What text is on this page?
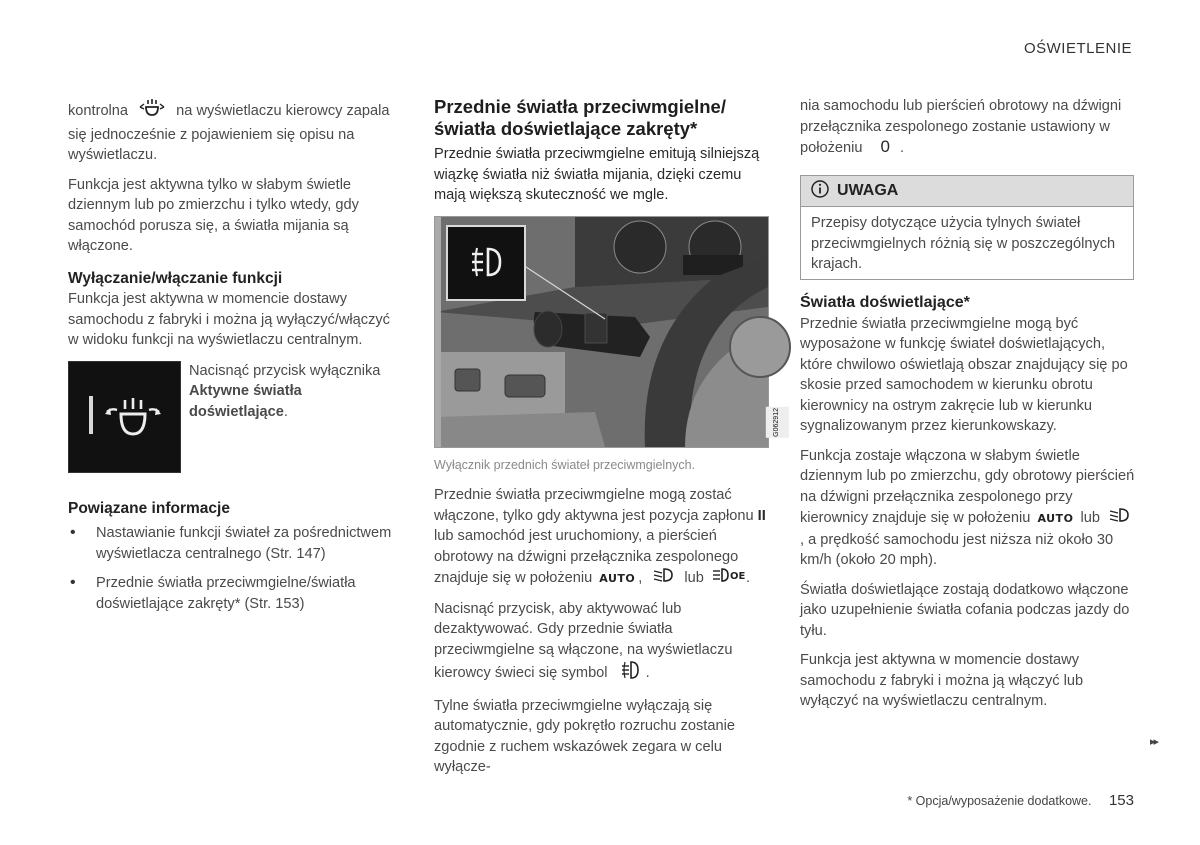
OŚWIETLENIE

kontrolna	na wyświetlaczu kierowcy zapala się jednocześnie z pojawieniem się opisu na wyświetlaczu.

Funkcja jest aktywna tylko w słabym świetle dziennym lub po zmierzchu i tylko wtedy, gdy samochód porusza się, a światła mijania są włączone.

Wyłączanie/włączanie funkcji

Funkcja jest aktywna w momencie dostawy samochodu z fabryki i można ją wyłączyć/włączyć w widoku funkcji na wyświetlaczu centralnym.

Nacisnąć przycisk wyłącznika
Aktywne światła doświetlające.
Powiązane informacje
• Nastawianie funkcji świateł za pośrednictwem wyświetlacza centralnego (Str. 147)
• Przednie światła przeciwmgielne/światła doświetlające zakręty* (Str. 153)
Przednie światła przeciwmgielne/ światła doświetlające zakręty*

Przednie światła przeciwmgielne emitują silniejszą wiązkę światła niż światła mijania, dzięki czemu mają większą skuteczność we mgle.

G062912
Wyłącznik przednich świateł przeciwmgielnych.

Przednie światła przeciwmgielne mogą zostać włączone, tylko gdy aktywna jest pozycja zapłonu II lub samochód jest uruchomiony, a pierścień obrotowy na dźwigni przełącznika zespolonego znajduje się w położeniu AUTO ,	lub	OE .

Nacisnąć przycisk, aby aktywować lub dezaktywować. Gdy przednie światła przeciwmgielne są włączone, na wyświetlaczu kierowcy świeci się symbol	.

Tylne światła przeciwmgielne wyłączają się automatycznie, gdy pokrętło rozruchu zostanie zgodnie z ruchem wskazówek zegara w celu wyłącze-

nia samochodu lub pierścień obrotowy na dźwigni przełącznika zespolonego zostanie ustawiony w położeniu 0 .

UWAGA
Przepisy dotyczące użycia tylnych świateł przeciwmgielnych różnią się w poszczególnych krajach.
Światła doświetlające*

Przednie światła przeciwmgielne mogą być wyposażone w funkcję świateł doświetlających, które chwilowo oświetlają obszar znajdujący się po skosie przed samochodem w kierunku obrotu kierownicy na ostrym zakręcie lub w kierunku sygnalizowanym przez kierunkowskazy.

Funkcja zostaje włączona w słabym świetle dziennym lub po zmierzchu, gdy obrotowy pierścień na dźwigni przełącznika zespolonego przy kierownicy znajduje się w położeniu AUTO lub , a prędkość samochodu jest niższa niż około 30 km/h (około 20 mph).

Światła doświetlające zostają dodatkowo włączone jako uzupełnienie światła cofania podczas jazdy do tyłu.

Funkcja jest aktywna w momencie dostawy samochodu z fabryki i można ją włączyć lub wyłączyć na wyświetlaczu centralnym.

▸▸
* Opcja/wyposażenie dodatkowe. 153
